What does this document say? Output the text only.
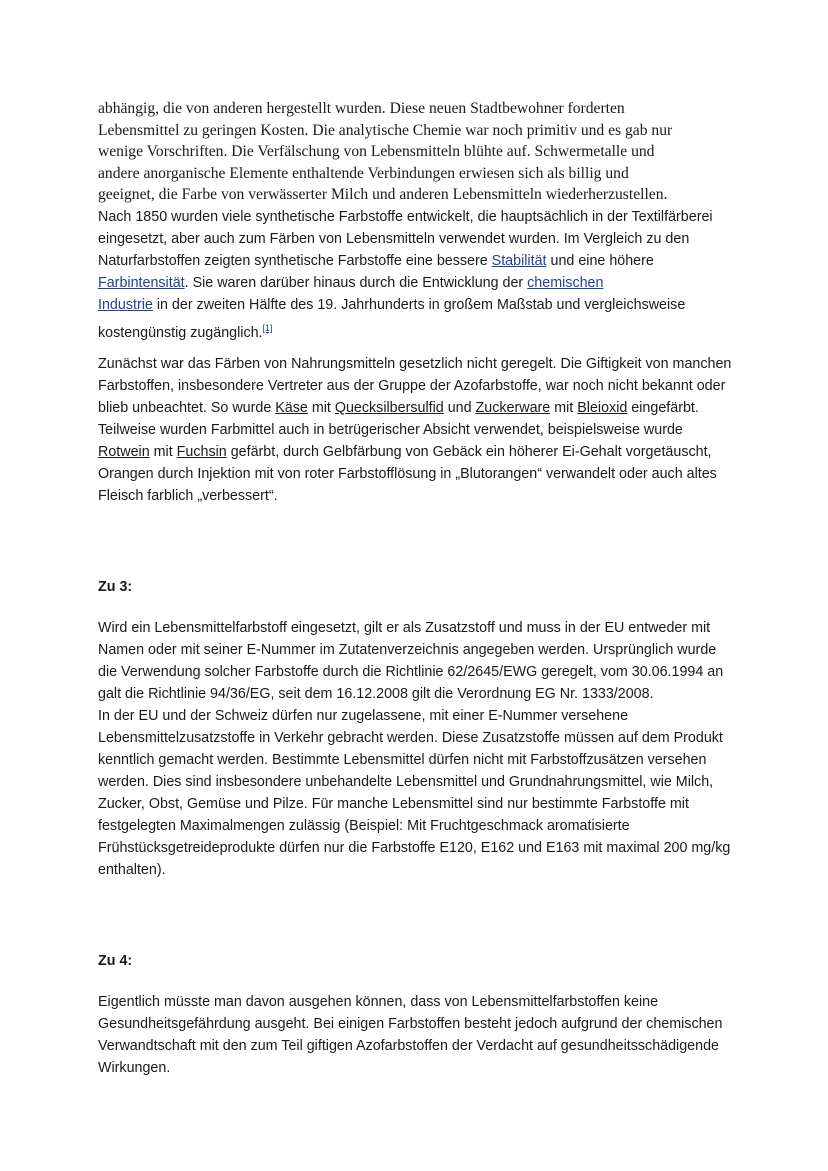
abhängig, die von anderen hergestellt wurden. Diese neuen Stadtbewohner forderten

Lebensmittel zu geringen Kosten. Die analytische Chemie war noch primitiv und es gab nur

wenige Vorschriften. Die Verfälschung von Lebensmitteln blühte auf. Schwermetalle und

andere anorganische Elemente enthaltende Verbindungen erwiesen sich als billig und

geeignet, die Farbe von verwässerter Milch und anderen Lebensmitteln wiederherzustellen.

Nach 1850 wurden viele synthetische Farbstoffe entwickelt, die hauptsächlich in der Textilfärberei eingesetzt, aber auch zum Färben von Lebensmitteln verwendet wurden. Im Vergleich zu den Naturfarbstoffen zeigten synthetische Farbstoffe eine bessere Stabilität und eine höhere Farbintensität. Sie waren darüber hinaus durch die Entwicklung der chemischen
Industrie in der zweiten Hälfte des 19. Jahrhunderts in großem Maßstab und vergleichsweise kostengünstig zugänglich.[1]

Zunächst war das Färben von Nahrungsmitteln gesetzlich nicht geregelt. Die Giftigkeit von manchen Farbstoffen, insbesondere Vertreter aus der Gruppe der Azofarbstoffe, war noch nicht bekannt oder blieb unbeachtet. So wurde Käse mit Quecksilbersulfid und Zuckerware mit Bleioxid eingefärbt. Teilweise wurden Farbmittel auch in betrügerischer Absicht verwendet, beispielsweise wurde Rotwein mit Fuchsin gefärbt, durch Gelbfärbung von Gebäck ein höherer Ei-Gehalt vorgetäuscht, Orangen durch Injektion mit von roter Farbstofflösung in „Blutorangen“ verwandelt oder auch altes Fleisch farblich „verbessert“.

Zu 3:

Wird ein Lebensmittelfarbstoff eingesetzt, gilt er als Zusatzstoff und muss in der EU entweder mit Namen oder mit seiner E-Nummer im Zutatenverzeichnis angegeben werden. Ursprünglich wurde die Verwendung solcher Farbstoffe durch die Richtlinie 62/2645/EWG geregelt, vom 30.06.1994 an galt die Richtlinie 94/36/EG, seit dem 16.12.2008 gilt die Verordnung EG Nr. 1333/2008.

In der EU und der Schweiz dürfen nur zugelassene, mit einer E-Nummer versehene Lebensmittelzusatzstoffe in Verkehr gebracht werden. Diese Zusatzstoffe müssen auf dem Produkt kenntlich gemacht werden. Bestimmte Lebensmittel dürfen nicht mit Farbstoffzusätzen versehen werden. Dies sind insbesondere unbehandelte Lebensmittel und Grundnahrungsmittel, wie Milch, Zucker, Obst, Gemüse und Pilze. Für manche Lebensmittel sind nur bestimmte Farbstoffe mit festgelegten Maximalmengen zulässig (Beispiel: Mit Fruchtgeschmack aromatisierte Frühstücksgetreideprodukte dürfen nur die Farbstoffe E120, E162 und E163 mit maximal 200 mg/kg enthalten).

Zu 4:

Eigentlich müsste man davon ausgehen können, dass von Lebensmittelfarbstoffen keine Gesundheitsgefährdung ausgeht. Bei einigen Farbstoffen besteht jedoch aufgrund der chemischen Verwandtschaft mit den zum Teil giftigen Azofarbstoffen der Verdacht auf gesundheitsschädigende Wirkungen.
